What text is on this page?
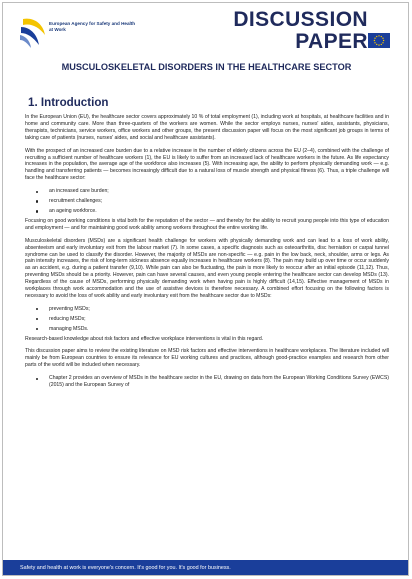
European Agency for Safety and Health at Work	DISCUSSION
PAPER
MUSCULOSKELETAL DISORDERS IN THE HEALTHCARE SECTOR
1. Introduction

In the European Union (EU), the healthcare sector covers approximately 10 % of total employment (1), including work at hospitals, at healthcare facilities and in home and community care. More than three-quarters of the workers are women. While the sector employs nurses, nurses' aides, assistants, physicians, therapists, technicians, service workers, office workers and other groups, the present discussion paper will focus on the most significant job groups in terms of taking care of patients (nurses, nurses' aides, and social and healthcare assistants).

With the prospect of an increased care burden due to a relative increase in the number of elderly citizens across the EU (2–4), combined with the challenge of recruiting a sufficient number of healthcare workers (1), the EU is likely to suffer from an increased lack of healthcare workers in the future. As life expectancy increases in the population, the average age of the workforce also increases (5). With increasing age, the ability to perform physically demanding work — e.g. handling and transferring patients — becomes increasingly difficult due to a natural loss of muscle strength and physical fitness (6). Thus, a triple challenge will face the healthcare sector:

an increased care burden;
recruitment challenges;
an ageing workforce.

Focusing on good working conditions is vital both for the reputation of the sector — and thereby for the ability to recruit young people into this type of education and employment — and for maintaining good work ability among workers throughout the entire working life.

Musculoskeletal disorders (MSDs) are a significant health challenge for workers with physically demanding work and can lead to a loss of work ability, absenteeism and early involuntary exit from the labour market (7). In some cases, a specific diagnosis such as osteoarthritis, disc herniation or carpal tunnel syndrome can be used to classify the disorder. However, the majority of MSDs are non-specific — e.g. pain in the low back, neck, shoulder, arms or legs. As pain intensity increases, the risk of long-term sickness absence equally increases in healthcare workers (8). The pain may build up over time or occur suddenly as an accident, e.g. during a patient transfer (9,10). While pain can also be fluctuating, the pain is more likely to reoccur after an initial episode (11,12). Thus, preventing MSDs should be a priority. However, pain can have several causes, and even young people entering the healthcare sector can develop MSDs (13). Regardless of the cause of MSDs, performing physically demanding work when having pain is highly difficult (14,15). Effective management of MSDs in workplaces through work accommodation and the use of assistive devices is therefore necessary. A combined effort focusing on the following factors is necessary to avoid the loss of work ability and early involuntary exit from the healthcare sector due to MSDs:

preventing MSDs;
reducing MSDs;
managing MSDs.

Research-based knowledge about risk factors and effective workplace interventions is vital in this regard.

This discussion paper aims to review the existing literature on MSD risk factors and effective interventions in healthcare workplaces. The literature included will mainly be from European countries to ensure its relevance for EU working cultures and practices, although good-practice examples and research from other parts of the world will be included when necessary.

Chapter 2 provides an overview of MSDs in the healthcare sector in the EU, drawing on data from the European Working Conditions Survey (EWCS) (2015) and the European Survey of
Safety and health at work is everyone's concern. It's good for you. It's good for business.
